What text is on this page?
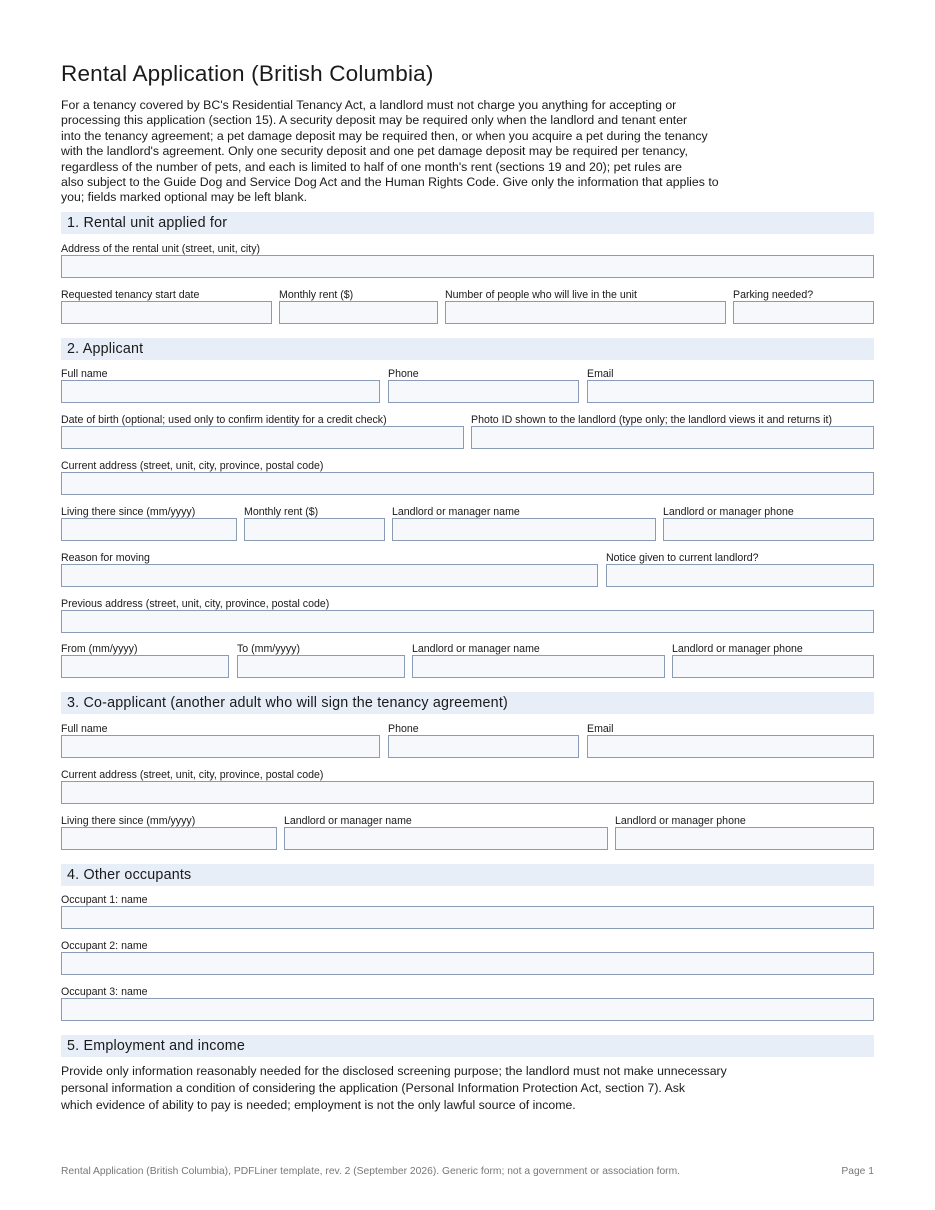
Rental Application (British Columbia)
For a tenancy covered by BC's Residential Tenancy Act, a landlord must not charge you anything for accepting or
processing this application (section 15). A security deposit may be required only when the landlord and tenant enter
into the tenancy agreement; a pet damage deposit may be required then, or when you acquire a pet during the tenancy
with the landlord's agreement. Only one security deposit and one pet damage deposit may be required per tenancy,
regardless of the number of pets, and each is limited to half of one month's rent (sections 19 and 20); pet rules are
also subject to the Guide Dog and Service Dog Act and the Human Rights Code. Give only the information that applies to
you; fields marked optional may be left blank.
1. Rental unit applied for
Address of the rental unit (street, unit, city)
Requested tenancy start date	Monthly rent ($)	Number of people who will live in the unit	Parking needed?
2. Applicant
Full name	Phone	Email
Date of birth (optional; used only to confirm identity for a credit check)	Photo ID shown to the landlord (type only; the landlord views it and returns it)
Current address (street, unit, city, province, postal code)
Living there since (mm/yyyy)	Monthly rent ($)	Landlord or manager name	Landlord or manager phone
Reason for moving	Notice given to current landlord?
Previous address (street, unit, city, province, postal code)
From (mm/yyyy)	To (mm/yyyy)	Landlord or manager name	Landlord or manager phone
3. Co-applicant (another adult who will sign the tenancy agreement)
Full name	Phone	Email
Current address (street, unit, city, province, postal code)
Living there since (mm/yyyy)	Landlord or manager name	Landlord or manager phone
4. Other occupants
Occupant 1: name
Occupant 2: name
Occupant 3: name
5. Employment and income
Provide only information reasonably needed for the disclosed screening purpose; the landlord must not make unnecessary
personal information a condition of considering the application (Personal Information Protection Act, section 7). Ask
which evidence of ability to pay is needed; employment is not the only lawful source of income.
Rental Application (British Columbia), PDFLiner template, rev. 2 (September 2026). Generic form; not a government or association form.	Page 1
